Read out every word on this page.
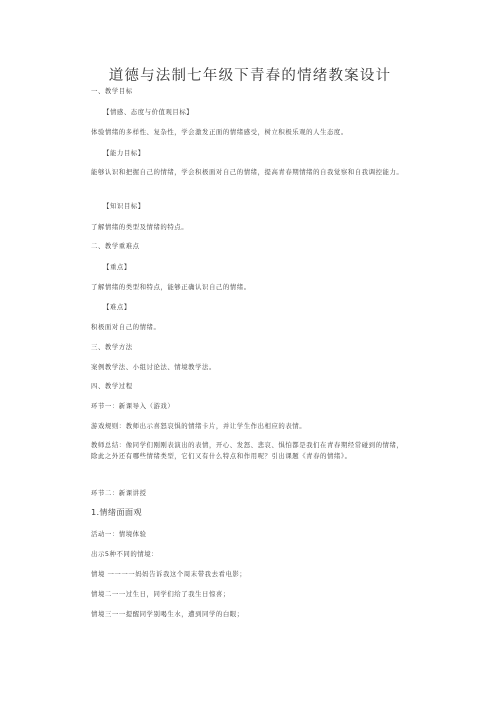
道德与法制七年级下青春的情绪教案设计
一、教学目标
【情感、态度与价值观目标】
体验情绪的多样性、复杂性，学会激发正面的情绪感受，树立积极乐观的人生态度。
【能力目标】
能够认识和把握自己的情绪，学会积极面对自己的情绪，提高青春期情绪的自我觉察和自我调控能力。
【知识目标】
了解情绪的类型及情绪的特点。
二、教学重难点
【重点】
了解情绪的类型和特点，能够正确认识自己的情绪。
【难点】
积极面对自己的情绪。
三、教学方法
案例教学法、小组讨论法、情境教学法。
四、教学过程
环节一：新课导入（游戏）
游戏规则：教师出示喜怒哀惧的情绪卡片，并让学生作出相应的表情。
教师总结：像同学们刚刚表演出的表情，开心、发怒、悲哀、惧怕都是我们在青春期经常碰到的情绪，除此之外还有哪些情绪类型，它们又有什么特点和作用呢？引出课题《青春的情绪》。
环节二：新课讲授
1.情绪面面观
活动一：情境体验
出示5种不同的情境：
情境 一一一一妈妈告诉我这个周末带我去看电影；
情境二一一过生日，同学们给了我生日惊喜；
情境三一一提醒同学别喝生水，遭到同学的白眼；
